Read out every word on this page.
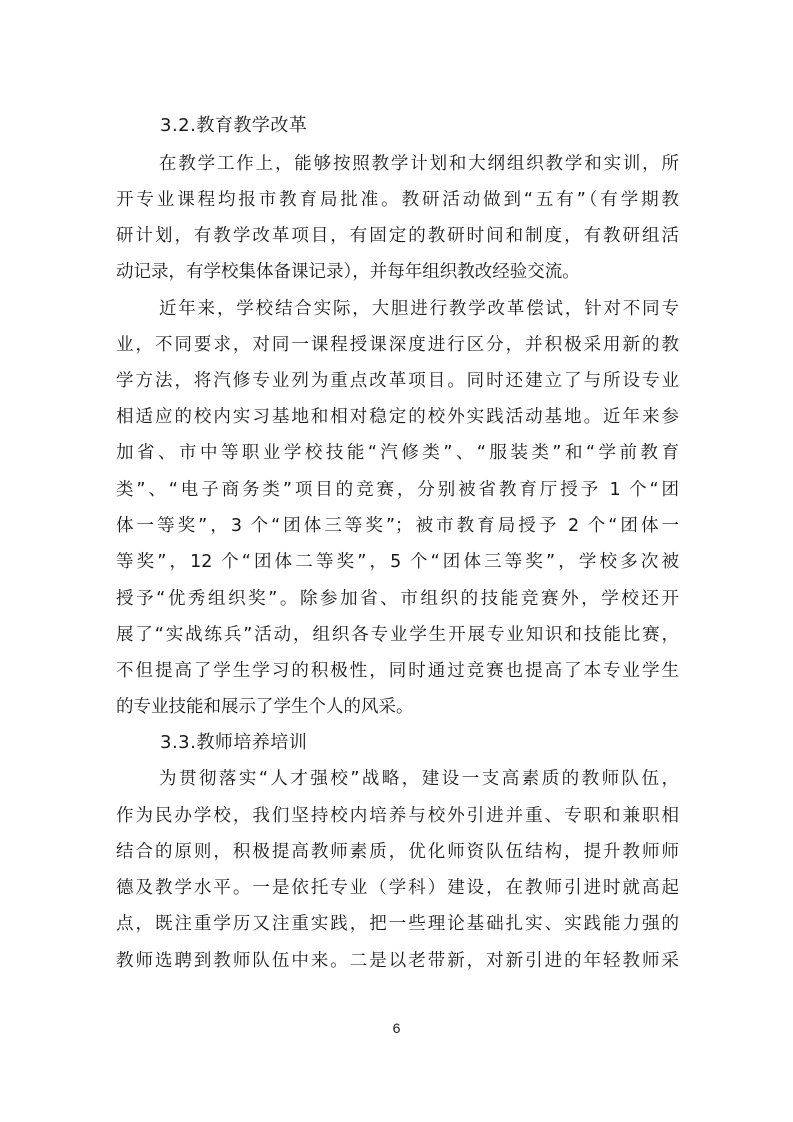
3.2.教育教学改革
在教学工作上，能够按照教学计划和大纲组织教学和实训，所
开专业课程均报市教育局批准。教研活动做到“五有”（有学期教
研计划，有教学改革项目，有固定的教研时间和制度，有教研组活
动记录，有学校集体备课记录），并每年组织教改经验交流。
近年来，学校结合实际，大胆进行教学改革偿试，针对不同专
业，不同要求，对同一课程授课深度进行区分，并积极采用新的教
学方法，将汽修专业列为重点改革项目。同时还建立了与所设专业
相适应的校内实习基地和相对稳定的校外实践活动基地。近年来参
加省、市中等职业学校技能“汽修类”、“服装类”和“学前教育
类”、“电子商务类”项目的竞赛，分别被省教育厅授予 1 个“团
体一等奖”，3 个“团体三等奖”；被市教育局授予 2 个“团体一
等奖”，12 个“团体二等奖”，5 个“团体三等奖”，学校多次被
授予“优秀组织奖”。除参加省、市组织的技能竞赛外，学校还开
展了“实战练兵”活动，组织各专业学生开展专业知识和技能比赛，
不但提高了学生学习的积极性，同时通过竞赛也提高了本专业学生
的专业技能和展示了学生个人的风采。
3.3.教师培养培训
为贯彻落实“人才强校”战略，建设一支高素质的教师队伍，
作为民办学校，我们坚持校内培养与校外引进并重、专职和兼职相
结合的原则，积极提高教师素质，优化师资队伍结构，提升教师师
德及教学水平。一是依托专业（学科）建设，在教师引进时就高起
点，既注重学历又注重实践，把一些理论基础扎实、实践能力强的
教师选聘到教师队伍中来。二是以老带新，对新引进的年轻教师采
6
